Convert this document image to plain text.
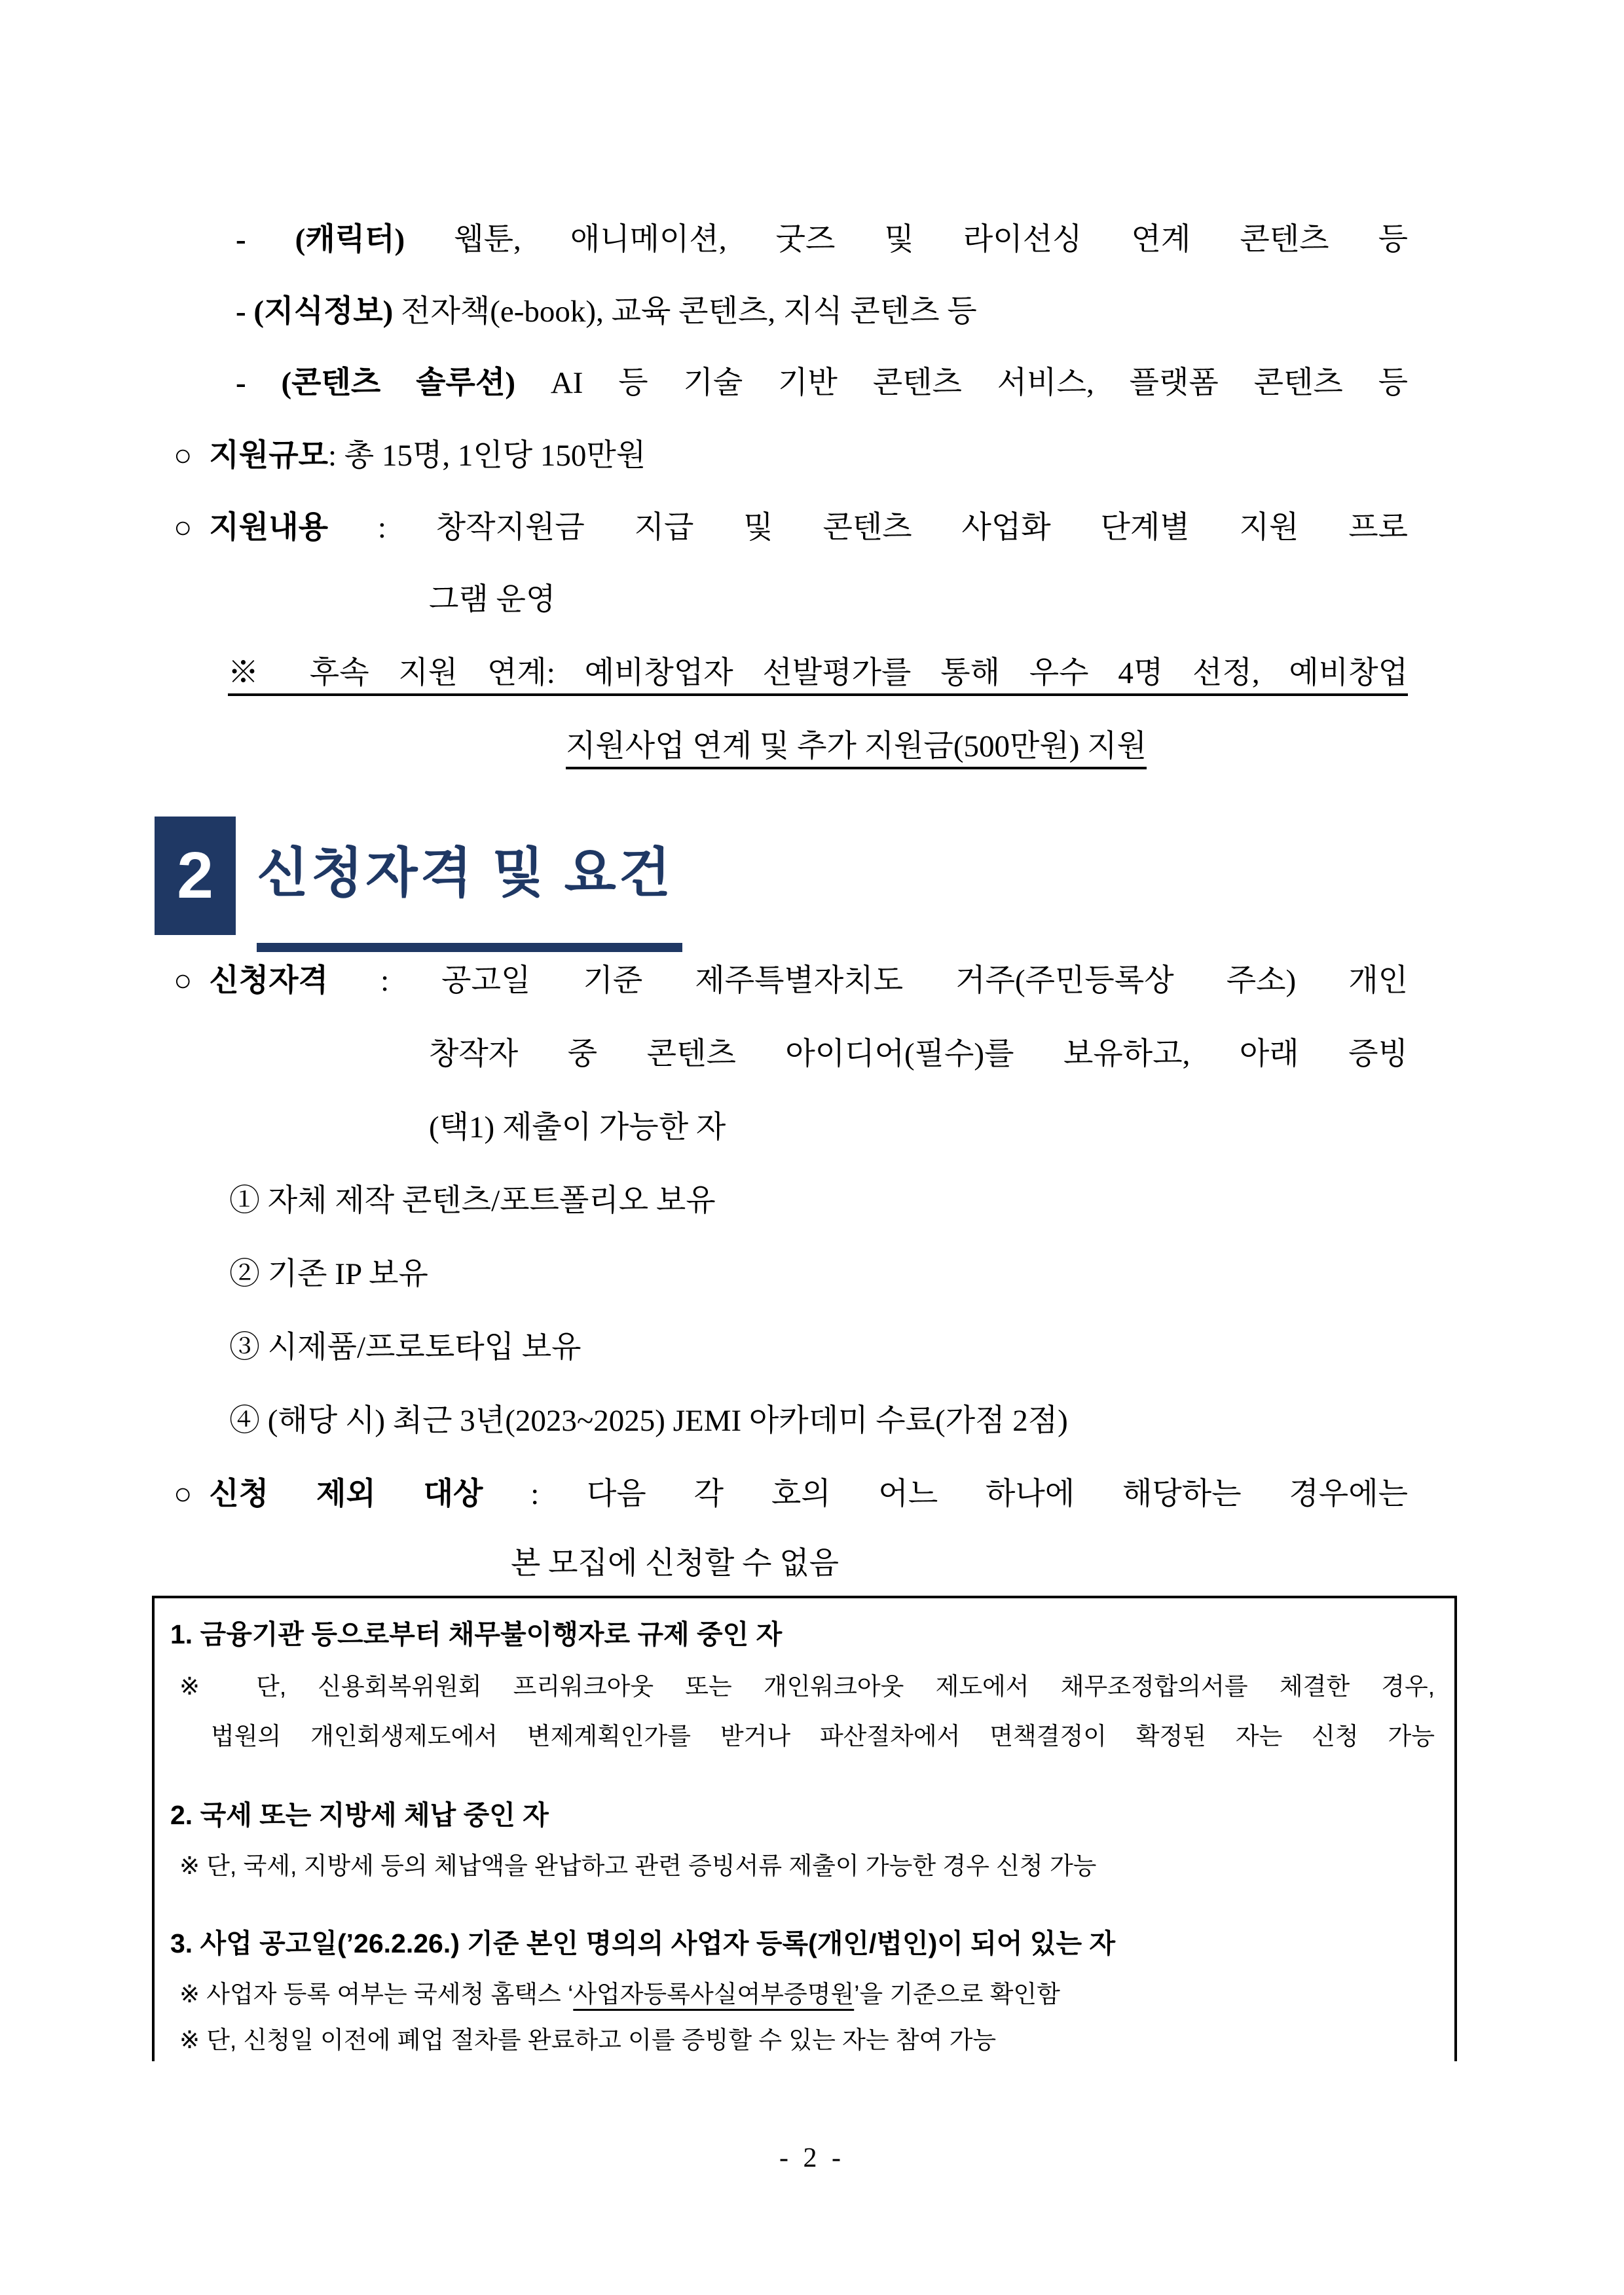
- (캐릭터) 웹툰, 애니메이션, 굿즈 및 라이선싱 연계 콘텐츠 등
- (지식정보) 전자책(e-book), 교육 콘텐츠, 지식 콘텐츠 등
- (콘텐츠 솔루션) AI 등 기술 기반 콘텐츠 서비스, 플랫폼 콘텐츠 등
○ 지원규모: 총 15명, 1인당 150만원
○ 지원내용 : 창작지원금 지급 및 콘텐츠 사업화 단계별 지원 프로
그램 운영
※ 후속 지원 연계: 예비창업자 선발평가를 통해 우수 4명 선정, 예비창업
지원사업 연계 및 추가 지원금(500만원) 지원
2 신청자격 및 요건
○ 신청자격 : 공고일 기준 제주특별자치도 거주(주민등록상 주소) 개인
창작자 중 콘텐츠 아이디어(필수)를 보유하고, 아래 증빙
(택1) 제출이 가능한 자
① 자체 제작 콘텐츠/포트폴리오 보유
② 기존 IP 보유
③ 시제품/프로토타입 보유
④ (해당 시) 최근 3년(2023~2025) JEMI 아카데미 수료(가점 2점)
○ 신청 제외 대상 : 다음 각 호의 어느 하나에 해당하는 경우에는
본 모집에 신청할 수 없음
1. 금융기관 등으로부터 채무불이행자로 규제 중인 자
※ 단, 신용회복위원회 프리워크아웃 또는 개인워크아웃 제도에서 채무조정합의서를 체결한 경우,
법원의 개인회생제도에서 변제계획인가를 받거나 파산절차에서 면책결정이 확정된 자는 신청 가능
2. 국세 또는 지방세 체납 중인 자
※ 단, 국세, 지방세 등의 체납액을 완납하고 관련 증빙서류 제출이 가능한 경우 신청 가능
3. 사업 공고일(’26.2.26.) 기준 본인 명의의 사업자 등록(개인/법인)이 되어 있는 자
※ 사업자 등록 여부는 국세청 홈택스 ‘사업자등록사실여부증명원’을 기준으로 확인함
※ 단, 신청일 이전에 폐업 절차를 완료하고 이를 증빙할 수 있는 자는 참여 가능
- 2 -
